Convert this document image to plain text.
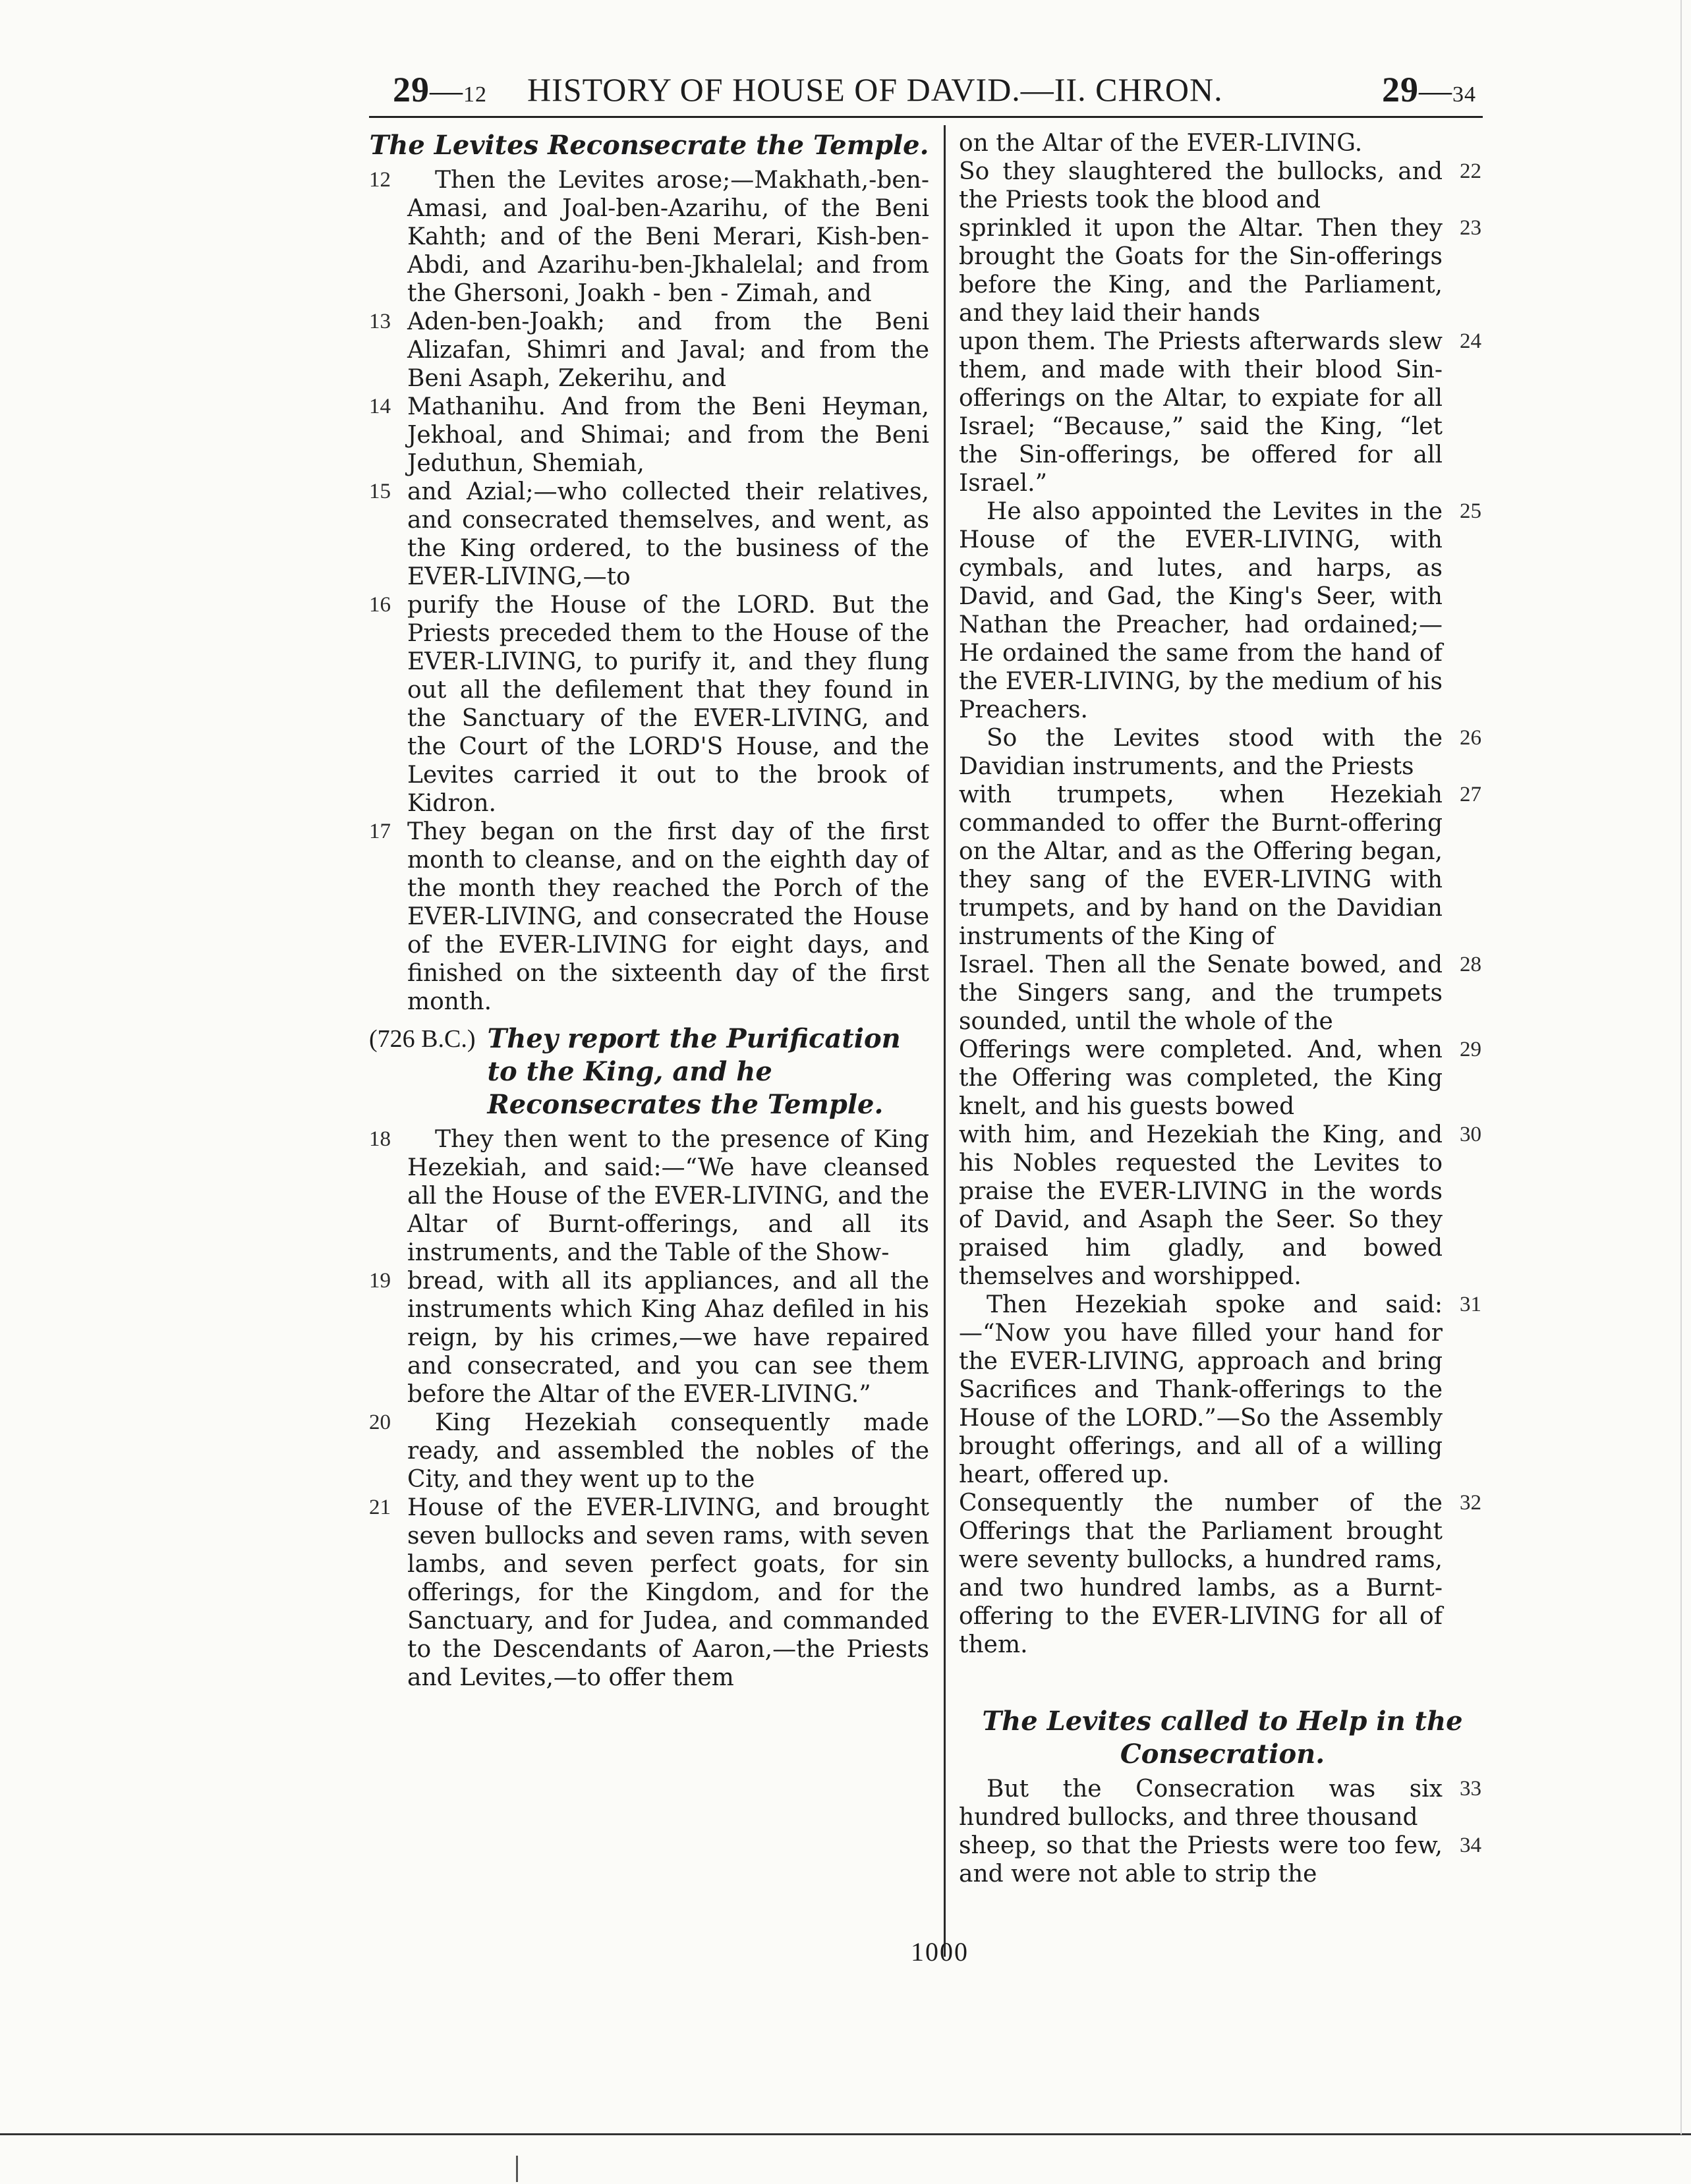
29—12 HISTORY OF HOUSE OF DAVID.—II. CHRON.	29—34
The Levites Reconsecrate the Temple.
12	Then the Levites arose;—Makhath,-ben-Amasi, and Joal-ben-Azarihu, of the Beni Kahth; and of the Beni Merari, Kish-ben-Abdi, and Azarihu-ben-Jkhalelal; and from the Ghersoni, Joakh - ben - Zimah, and
13 Aden-ben-Joakh; and from the Beni Alizafan, Shimri and Javal; and from the Beni Asaph, Zekerihu, and
14 Mathanihu. And from the Beni Heyman, Jekhoal, and Shimai; and from the Beni Jeduthun, Shemiah,
15 and Azial;—who collected their relatives, and consecrated themselves, and went, as the King ordered, to the business of the EVER-LIVING,—to
16 purify the House of the LORD. But the Priests preceded them to the House of the EVER-LIVING, to purify it, and they flung out all the defilement that they found in the Sanctuary of the EVER-LIVING, and the Court of the LORD'S House, and the Levites carried it out to the brook of Kidron.
17 They began on the first day of the first month to cleanse, and on the eighth day of the month they reached the Porch of the EVER-LIVING, and consecrated the House of the EVER-LIVING for eight days, and finished on the sixteenth day of the first month.
(726 B.C.) They report the Purification to the King, and he Reconsecrates the Temple.
18	They then went to the presence of King Hezekiah, and said:—“We have cleansed all the House of the EVER-LIVING, and the Altar of Burnt-offerings, and all its instruments, and the Table of the Show-
19 bread, with all its appliances, and all the instruments which King Ahaz defiled in his reign, by his crimes,—we have repaired and consecrated, and you can see them before the Altar of the EVER-LIVING.”
20	King Hezekiah consequently made ready, and assembled the nobles of the City, and they went up to the
21 House of the EVER-LIVING, and brought seven bullocks and seven rams, with seven lambs, and seven perfect goats, for sin offerings, for the Kingdom, and for the Sanctuary, and for Judea, and commanded to the Descendants of Aaron,—the Priests and Levites,—to offer them
on the Altar of the EVER-LIVING.
22
So they slaughtered the bullocks, and the Priests took the blood and
23
sprinkled it upon the Altar. Then they brought the Goats for the Sin-offerings before the King, and the Parliament, and they laid their hands
24
upon them. The Priests afterwards slew them, and made with their blood Sin-offerings on the Altar, to expiate for all Israel; “Because,” said the King, “let the Sin-offerings, be offered for all Israel.”
25
He also appointed the Levites in the House of the EVER-LIVING, with cymbals, and lutes, and harps, as David, and Gad, the King's Seer, with Nathan the Preacher, had ordained;—He ordained the same from the hand of the EVER-LIVING, by the medium of his Preachers.
26
So the Levites stood with the Davidian instruments, and the Priests
27
with trumpets, when Hezekiah commanded to offer the Burnt-offering on the Altar, and as the Offering began, they sang of the EVER-LIVING with trumpets, and by hand on the Davidian instruments of the King of
28
Israel. Then all the Senate bowed, and the Singers sang, and the trumpets sounded, until the whole of the
29
Offerings were completed. And, when the Offering was completed, the King knelt, and his guests bowed
30
with him, and Hezekiah the King, and his Nobles requested the Levites to praise the EVER-LIVING in the words of David, and Asaph the Seer. So they praised him gladly, and bowed themselves and worshipped.
31
Then Hezekiah spoke and said:—“Now you have filled your hand for the EVER-LIVING, approach and bring Sacrifices and Thank-offerings to the House of the LORD.”—So the Assembly brought offerings, and all of a willing heart, offered up.
32
Consequently the number of the Offerings that the Parliament brought were seventy bullocks, a hundred rams, and two hundred lambs, as a Burnt-offering to the EVER-LIVING for all of them.
The Levites called to Help in the Consecration.
33
But the Consecration was six hundred bullocks, and three thousand
34
sheep, so that the Priests were too few, and were not able to strip the
1000
